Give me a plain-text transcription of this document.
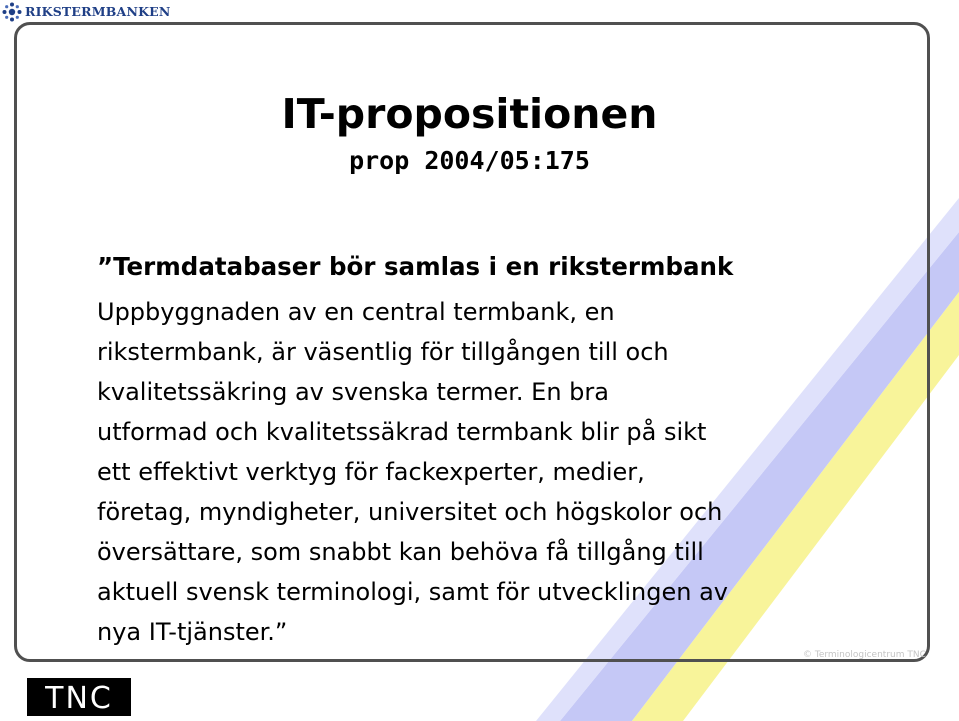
RIKSTERMBANKEN
IT-propositionen
prop 2004/05:175
”Termdatabaser bör samlas i en rikstermbank
Uppbyggnaden av en central termbank, en
rikstermbank, är väsentlig för tillgången till och
kvalitetssäkring av svenska termer. En bra
utformad och kvalitetssäkrad termbank blir på sikt
ett effektivt verktyg för fackexperter, medier,
företag, myndigheter, universitet och högskolor och
översättare, som snabbt kan behöva få tillgång till
aktuell svensk terminologi, samt för utvecklingen av
nya IT-tjänster.”
© Terminologicentrum TNC
TNC
